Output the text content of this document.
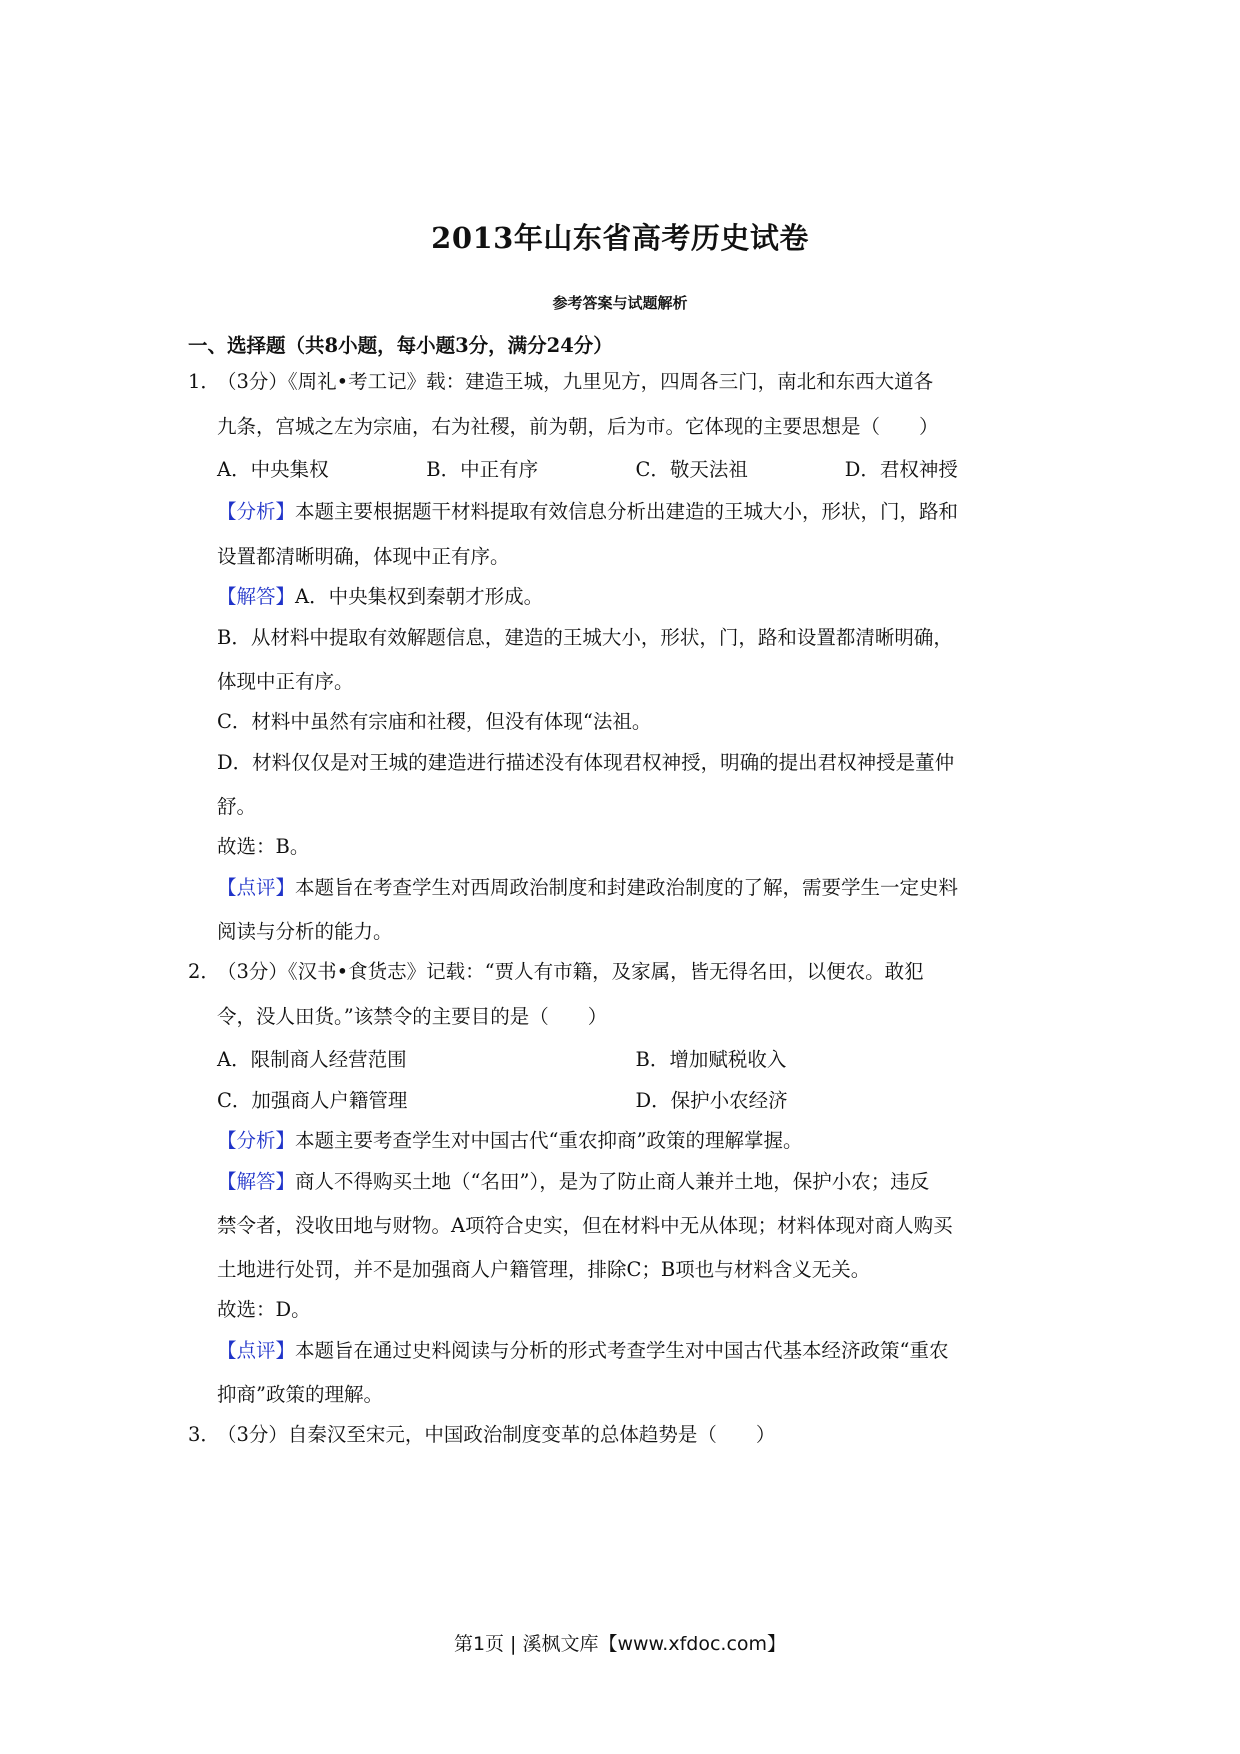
2013年山东省高考历史试卷
参考答案与试题解析
一、选择题（共8小题，每小题3分，满分24分）
1．（3分）《周礼•考工记》载：建造王城，九里见方，四周各三门，南北和东西大道各
九条，宫城之左为宗庙，右为社稷，前为朝，后为市。它体现的主要思想是（　　）
A．中央集权	B．中正有序	C．敬天法祖	D．君权神授
【分析】本题主要根据题干材料提取有效信息分析出建造的王城大小，形状，门，路和
设置都清晰明确，体现中正有序。
【解答】A．中央集权到秦朝才形成。
B．从材料中提取有效解题信息，建造的王城大小，形状，门，路和设置都清晰明确，
体现中正有序。
C．材料中虽然有宗庙和社稷，但没有体现“法祖。
D．材料仅仅是对王城的建造进行描述没有体现君权神授，明确的提出君权神授是董仲
舒。
故选：B。
【点评】本题旨在考查学生对西周政治制度和封建政治制度的了解，需要学生一定史料
阅读与分析的能力。
2．（3分）《汉书•食货志》记载：“贾人有市籍，及家属，皆无得名田，以便农。敢犯
令，没人田货。”该禁令的主要目的是（　　）
A．限制商人经营范围	B．增加赋税收入
C．加强商人户籍管理	D．保护小农经济
【分析】本题主要考查学生对中国古代“重农抑商”政策的理解掌握。
【解答】商人不得购买土地（“名田”），是为了防止商人兼并土地，保护小农；违反
禁令者，没收田地与财物。A项符合史实，但在材料中无从体现；材料体现对商人购买
土地进行处罚，并不是加强商人户籍管理，排除C；B项也与材料含义无关。
故选：D。
【点评】本题旨在通过史料阅读与分析的形式考查学生对中国古代基本经济政策“重农
抑商”政策的理解。
3．（3分）自秦汉至宋元，中国政治制度变革的总体趋势是（　　）
第1页 | 溪枫文库【www.xfdoc.com】
